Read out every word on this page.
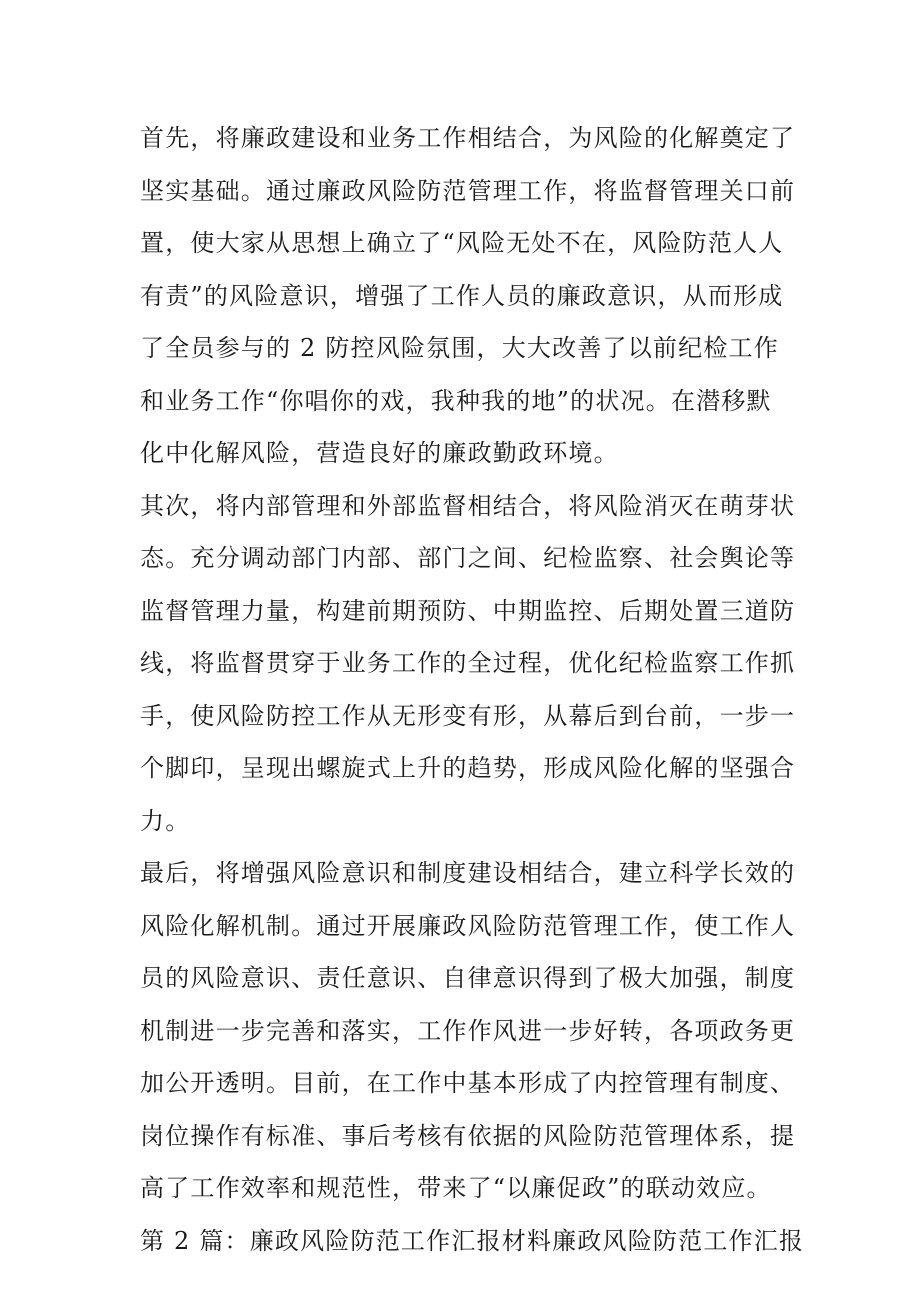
首先，将廉政建设和业务工作相结合，为风险的化解奠定了
坚实基础。通过廉政风险防范管理工作，将监督管理关口前
置，使大家从思想上确立了“风险无处不在，风险防范人人
有责”的风险意识，增强了工作人员的廉政意识，从而形成
了全员参与的 2 防控风险氛围，大大改善了以前纪检工作
和业务工作“你唱你的戏，我种我的地”的状况。在潜移默
化中化解风险，营造良好的廉政勤政环境。
其次，将内部管理和外部监督相结合，将风险消灭在萌芽状
态。充分调动部门内部、部门之间、纪检监察、社会舆论等
监督管理力量，构建前期预防、中期监控、后期处置三道防
线，将监督贯穿于业务工作的全过程，优化纪检监察工作抓
手，使风险防控工作从无形变有形，从幕后到台前，一步一
个脚印，呈现出螺旋式上升的趋势，形成风险化解的坚强合
力。
最后，将增强风险意识和制度建设相结合，建立科学长效的
风险化解机制。通过开展廉政风险防范管理工作，使工作人
员的风险意识、责任意识、自律意识得到了极大加强，制度
机制进一步完善和落实，工作作风进一步好转，各项政务更
加公开透明。目前，在工作中基本形成了内控管理有制度、
岗位操作有标准、事后考核有依据的风险防范管理体系，提
高了工作效率和规范性，带来了“以廉促政”的联动效应。
第 2 篇：廉政风险防范工作汇报材料廉政风险防范工作汇报
